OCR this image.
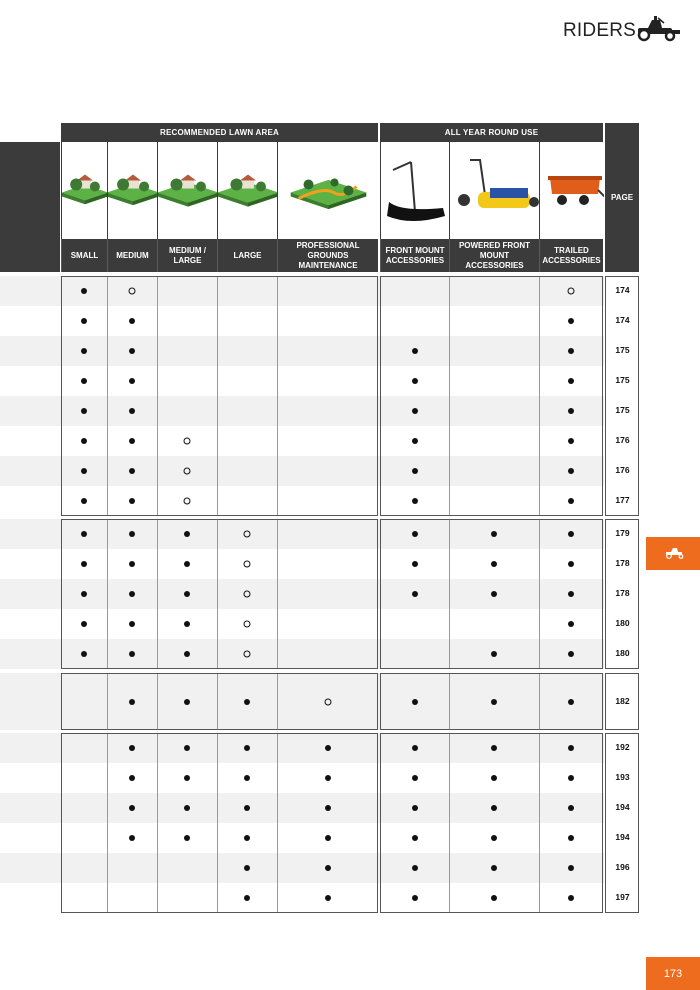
RIDERS
RECOMMENDED LAWN AREA	ALL YEAR ROUND USE
PAGE
SMALL	MEDIUM
MEDIUM /
LARGE
LARGE
PROFESSIONAL
GROUNDS MAINTENANCE
FRONT MOUNT
ACCESSORIES
POWERED FRONT
MOUNT ACCESSORIES
TRAILED
ACCESSORIES
174
174
175
175
175
176
176
177
179
178
178
180
180
182
192
193
194
194
196
197
173
